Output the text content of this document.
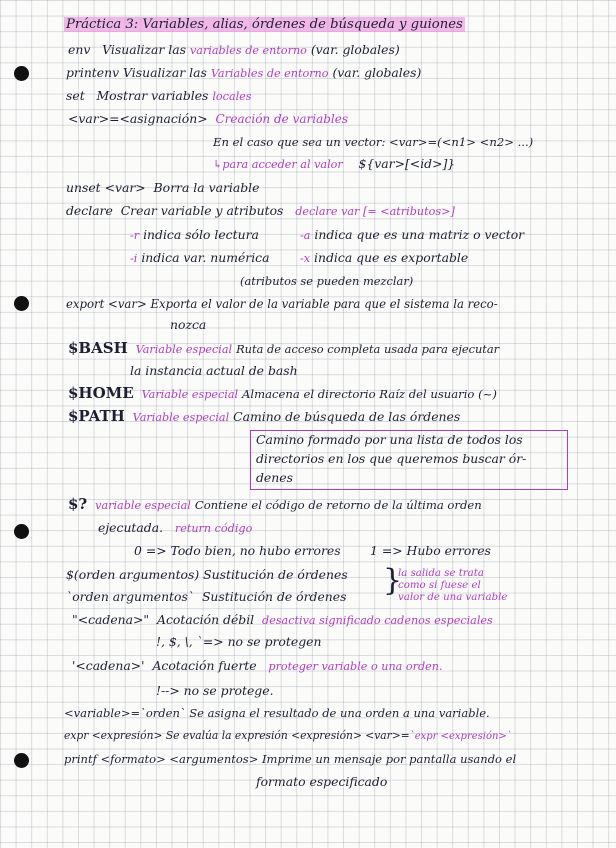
Práctica 3: Variables, alias, órdenes de búsqueda y guiones
env Visualizar las variables de entorno (var. globales)
printenv Visualizar las Variables de entorno (var. globales)
set Mostrar variables locales
<var>=<asignación> Creación de variables
En el caso que sea un vector: <var>=(<n1> <n2> ...)
↳para acceder al valor ${var>[<id>]}
unset <var> Borra la variable
declare Crear variable y atributos declare var [= <atributos>]
-r indica sólo lectura	-a indica que es una matriz o vector
-i indica var. numérica	-x indica que es exportable
(atributos se pueden mezclar)
export <var> Exporta el valor de la variable para que el sistema la reco-
nozca
$BASH Variable especial Ruta de acceso completa usada para ejecutar
la instancia actual de bash
$HOME Variable especial Almacena el directorio Raíz del usuario (~)
$PATH Variable especial Camino de búsqueda de las órdenes
Camino formado por una lista de todos los
directorios en los que queremos buscar ór-
denes
$? variable especial Contiene el código de retorno de la última orden
ejecutada. return código
0 => Todo bien, no hubo errores 1 => Hubo errores
$(orden argumentos) Sustitución de órdenes
`orden argumentos` Sustitución de órdenes }
la salida se trata
como si fuese el
valor de una variable
"<cadena>" Acotación débil desactiva significado cadenos especiales
!, $, \, `=> no se protegen
'<cadena>' Acotación fuerte proteger variable o una orden.
!--> no se protege.
<variable>=`orden` Se asigna el resultado de una orden a una variable.
expr <expresión> Se evalúa la expresión <expresión> <var>=`expr <expresión>`
printf <formato> <argumentos> Imprime un mensaje por pantalla usando el
formato especificado
